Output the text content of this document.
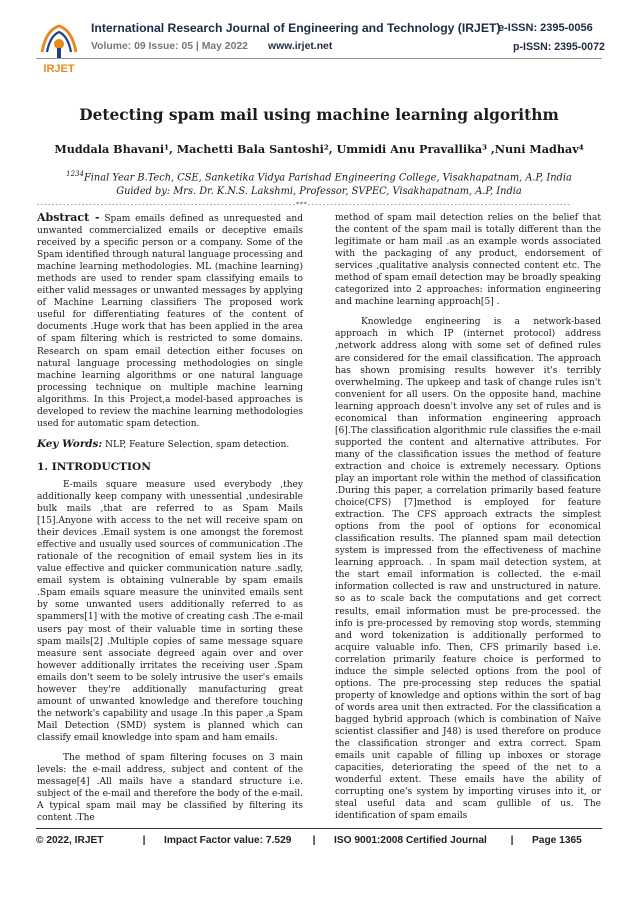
IRJET
International Research Journal of Engineering and Technology (IRJET)
e-ISSN: 2395-0056
Volume: 09 Issue: 05 | May 2022 www.irjet.net	p-ISSN: 2395-0072
Detecting spam mail using machine learning algorithm
Muddala Bhavani¹, Machetti Bala Santoshi², Ummidi Anu Pravallika³ ,Nuni Madhav⁴
$^{1234}$Final Year B.Tech, CSE, Sanketika Vidya Parishad Engineering College, Visakhapatnam, A.P, India
Guided by: Mrs. Dr. K.N.S. Lakshmi, Professor, SVPEC, Visakhapatnam, A.P, India
---------------------------------------------------------------------***----------------------------------------------------------------------

Abstract - Spam emails defined as unrequested and unwanted commercialized emails or deceptive emails received by a specific person or a company. Some of the Spam identified through natural language processing and machine learning methodologies. ML (machine learning) methods are used to render spam classifying emails to either valid messages or unwanted messages by applying of Machine Learning classifiers The proposed work useful for differentiating features of the content of documents .Huge work that has been applied in the area of spam filtering which is restricted to some domains. Research on spam email detection either focuses on natural language processing methodologies on single machine learning algorithms or one natural language processing technique on multiple machine learning algorithms. In this Project,a model-based approaches is developed to review the machine learning methodologies used for automatic spam detection.

Key Words: NLP, Feature Selection, spam detection.

1. INTRODUCTION

E-mails square measure used everybody ,they additionally keep company with unessential ,undesirable bulk mails ,that are referred to as Spam Mails [15].Anyone with access to the net will receive spam on their devices .Email system is one amongst the foremost effective and usually used sources of communication .The rationale of the recognition of email system lies in its value effective and quicker communication nature .sadly, email system is obtaining vulnerable by spam emails .Spam emails square measure the uninvited emails sent by some unwanted users additionally referred to as spammers[1] with the motive of creating cash .The e-mail users pay most of their valuable time in sorting these spam mails[2] .Multiple copies of same message square measure sent associate degreed again over and over however additionally irritates the receiving user .Spam emails don't seem to be solely intrusive the user's emails however they're additionally manufacturing great amount of unwanted knowledge and therefore touching the network's capability and usage .In this paper ,a Spam Mail Detection (SMD) system is planned which can classify email knowledge into spam and ham emails.

The method of spam filtering focuses on 3 main levels: the e-mail address, subject and content of the message[4] .All mails have a standard structure i.e. subject of the e-mail and therefore the body of the e-mail. A typical spam mail may be classified by filtering its content .The

method of spam mail detection relies on the belief that the content of the spam mail is totally different than the legitimate or ham mail .as an example words associated with the packaging of any product, endorsement of services ,qualitative analysis connected content etc. The method of spam email detection may be broadly speaking categorized into 2 approaches: information engineering and machine learning approach[5] .

Knowledge engineering is a network-based approach in which IP (internet protocol) address ,network address along with some set of defined rules are considered for the email classification. The approach has shown promising results however it's terribly overwhelming. The upkeep and task of change rules isn't convenient for all users. On the opposite hand, machine learning approach doesn't involve any set of rules and is economical than information engineering approach [6].The classification algorithmic rule classifies the e-mail supported the content and alternative attributes. For many of the classification issues the method of feature extraction and choice is extremely necessary. Options play an important role within the method of classification .During this paper, a correlation primarily based feature choice(CFS) [7]method is employed for feature extraction. The CFS approach extracts the simplest options from the pool of options for economical classification results. The planned spam mail detection system is impressed from the effectiveness of machine learning approach. . In spam mail detection system, at the start email information is collected. the e-mail information collected is raw and unstructured in nature. so as to scale back the computations and get correct results, email information must be pre-processed. the info is pre-processed by removing stop words, stemming and word tokenization is additionally performed to acquire valuable info. Then, CFS primarily based i.e. correlation primarily feature choice is performed to induce the simple selected options from the pool of options. The pre-processing step reduces the spatial property of knowledge and options within the sort of bag of words area unit then extracted. For the classification a bagged hybrid approach (which is combination of Naïve scientist classifier and J48) is used therefore on produce the classification stronger and extra correct. Spam emails unit capable of filling up inboxes or storage capacities, deteriorating the speed of the net to a wonderful extent. These emails have the ability of corrupting one's system by importing viruses into it, or steal useful data and scam gullible of us. The identification of spam emails

© 2022, IRJET	|	Impact Factor value: 7.529	|	ISO 9001:2008 Certified Journal	|	Page 1365
